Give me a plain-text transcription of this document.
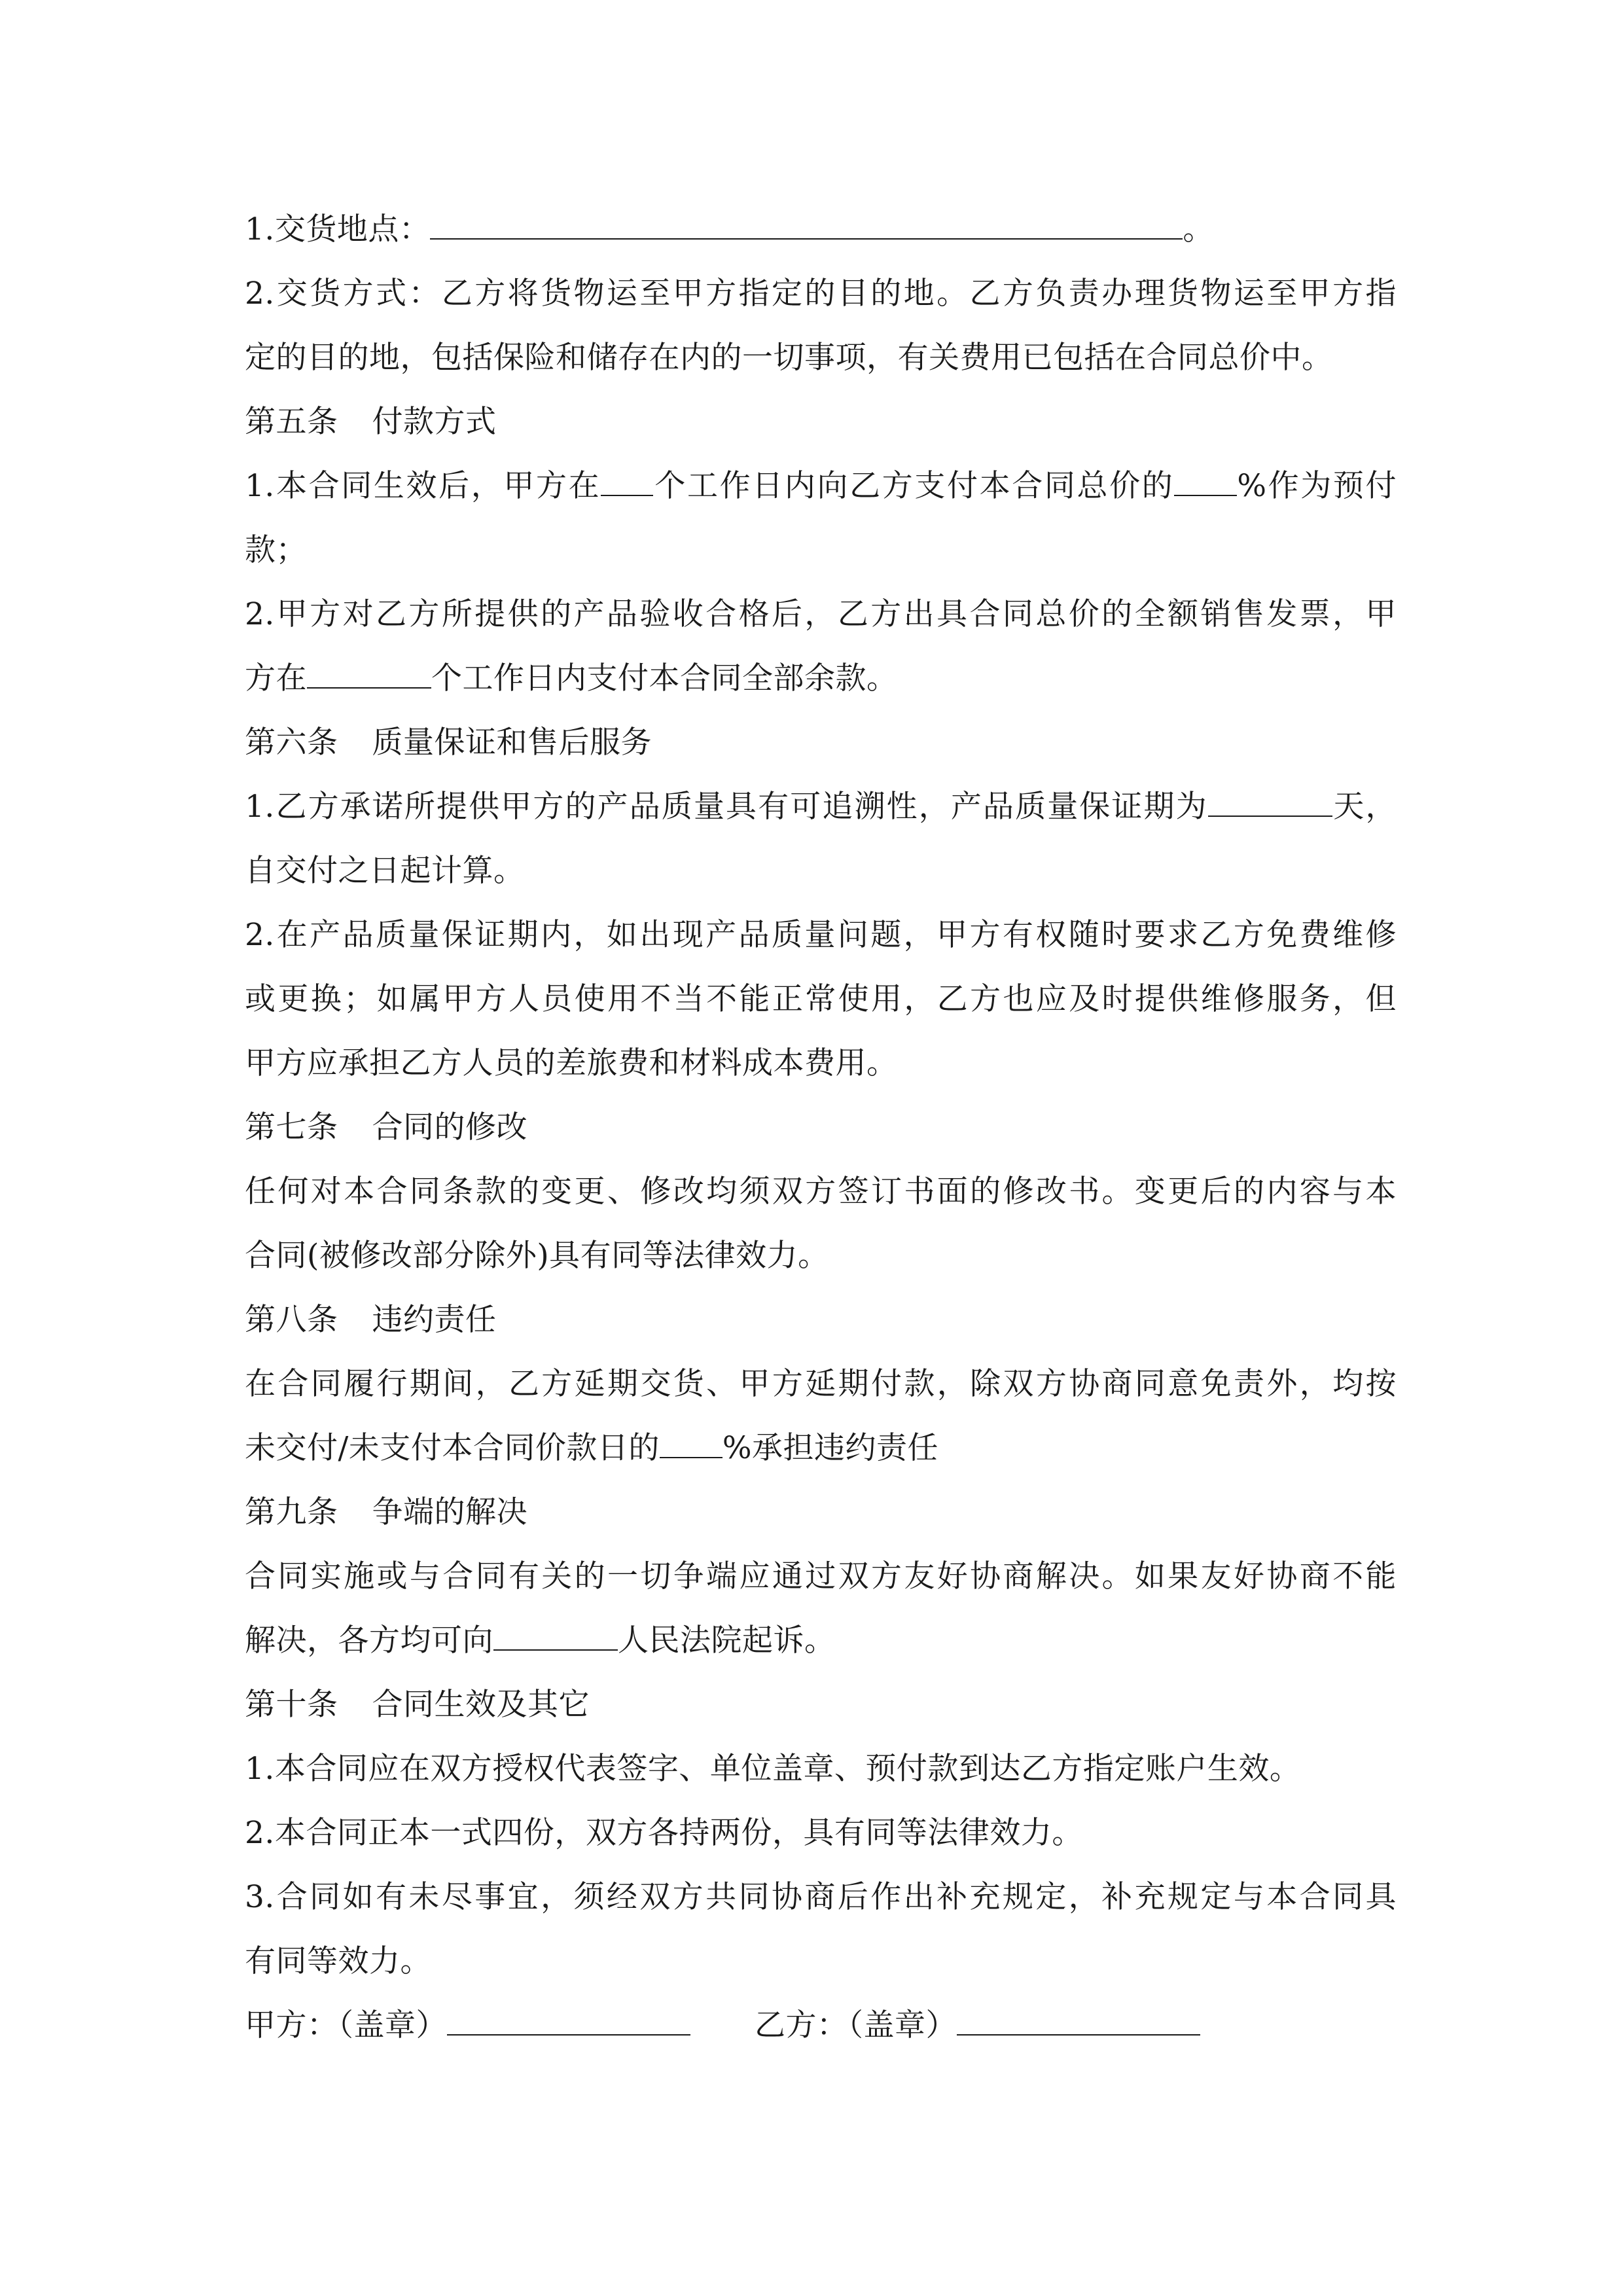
1.交货地点：	。
2.交货方式：乙方将货物运至甲方指定的目的地。乙方负责办理货物运至甲方指
定的目的地，包括保险和储存在内的一切事项，有关费用已包括在合同总价中。
第五条 付款方式
1.本合同生效后，甲方在 个工作日内向乙方支付本合同总价的 %作为预付
款；
2.甲方对乙方所提供的产品验收合格后，乙方出具合同总价的全额销售发票，甲
方在	个工作日内支付本合同全部余款。
第六条 质量保证和售后服务
1.乙方承诺所提供甲方的产品质量具有可追溯性，产品质量保证期为	天，
自交付之日起计算。
2.在产品质量保证期内，如出现产品质量问题，甲方有权随时要求乙方免费维修
或更换；如属甲方人员使用不当不能正常使用，乙方也应及时提供维修服务，但
甲方应承担乙方人员的差旅费和材料成本费用。
第七条 合同的修改
任何对本合同条款的变更、修改均须双方签订书面的修改书。变更后的内容与本
合同(被修改部分除外)具有同等法律效力。
第八条 违约责任
在合同履行期间，乙方延期交货、甲方延期付款，除双方协商同意免责外，均按
未交付/未支付本合同价款日的 %承担违约责任
第九条 争端的解决
合同实施或与合同有关的一切争端应通过双方友好协商解决。如果友好协商不能
解决，各方均可向	人民法院起诉。
第十条 合同生效及其它
1.本合同应在双方授权代表签字、单位盖章、预付款到达乙方指定账户生效。
2.本合同正本一式四份，双方各持两份，具有同等法律效力。
3.合同如有未尽事宜，须经双方共同协商后作出补充规定，补充规定与本合同具
有同等效力。
甲方：（盖章）	乙方：（盖章）
